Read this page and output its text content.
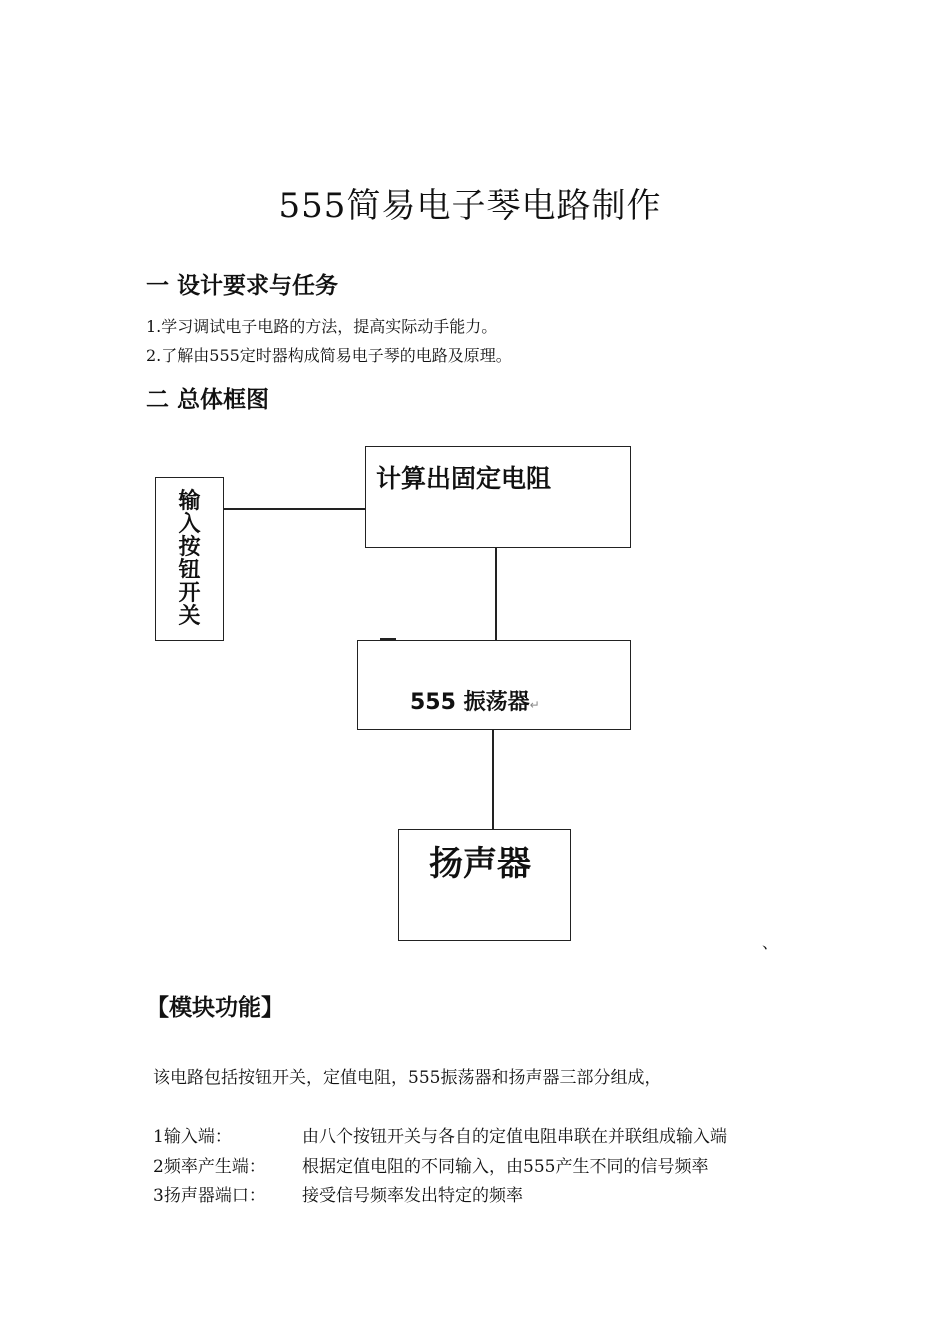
555简易电子琴电路制作
一 设计要求与任务
1.学习调试电子电路的方法，提高实际动手能力。
2.了解由555定时器构成简易电子琴的电路及原理。
二 总体框图
输
入
按
钮
开
关
计算出固定电阻
555 振荡器↵
扬声器
、
【模块功能】
该电路包括按钮开关，定值电阻，555振荡器和扬声器三部分组成，
1输入端：	由八个按钮开关与各自的定值电阻串联在并联组成输入端
2频率产生端： 根据定值电阻的不同输入，由555产生不同的信号频率
3扬声器端口： 接受信号频率发出特定的频率
